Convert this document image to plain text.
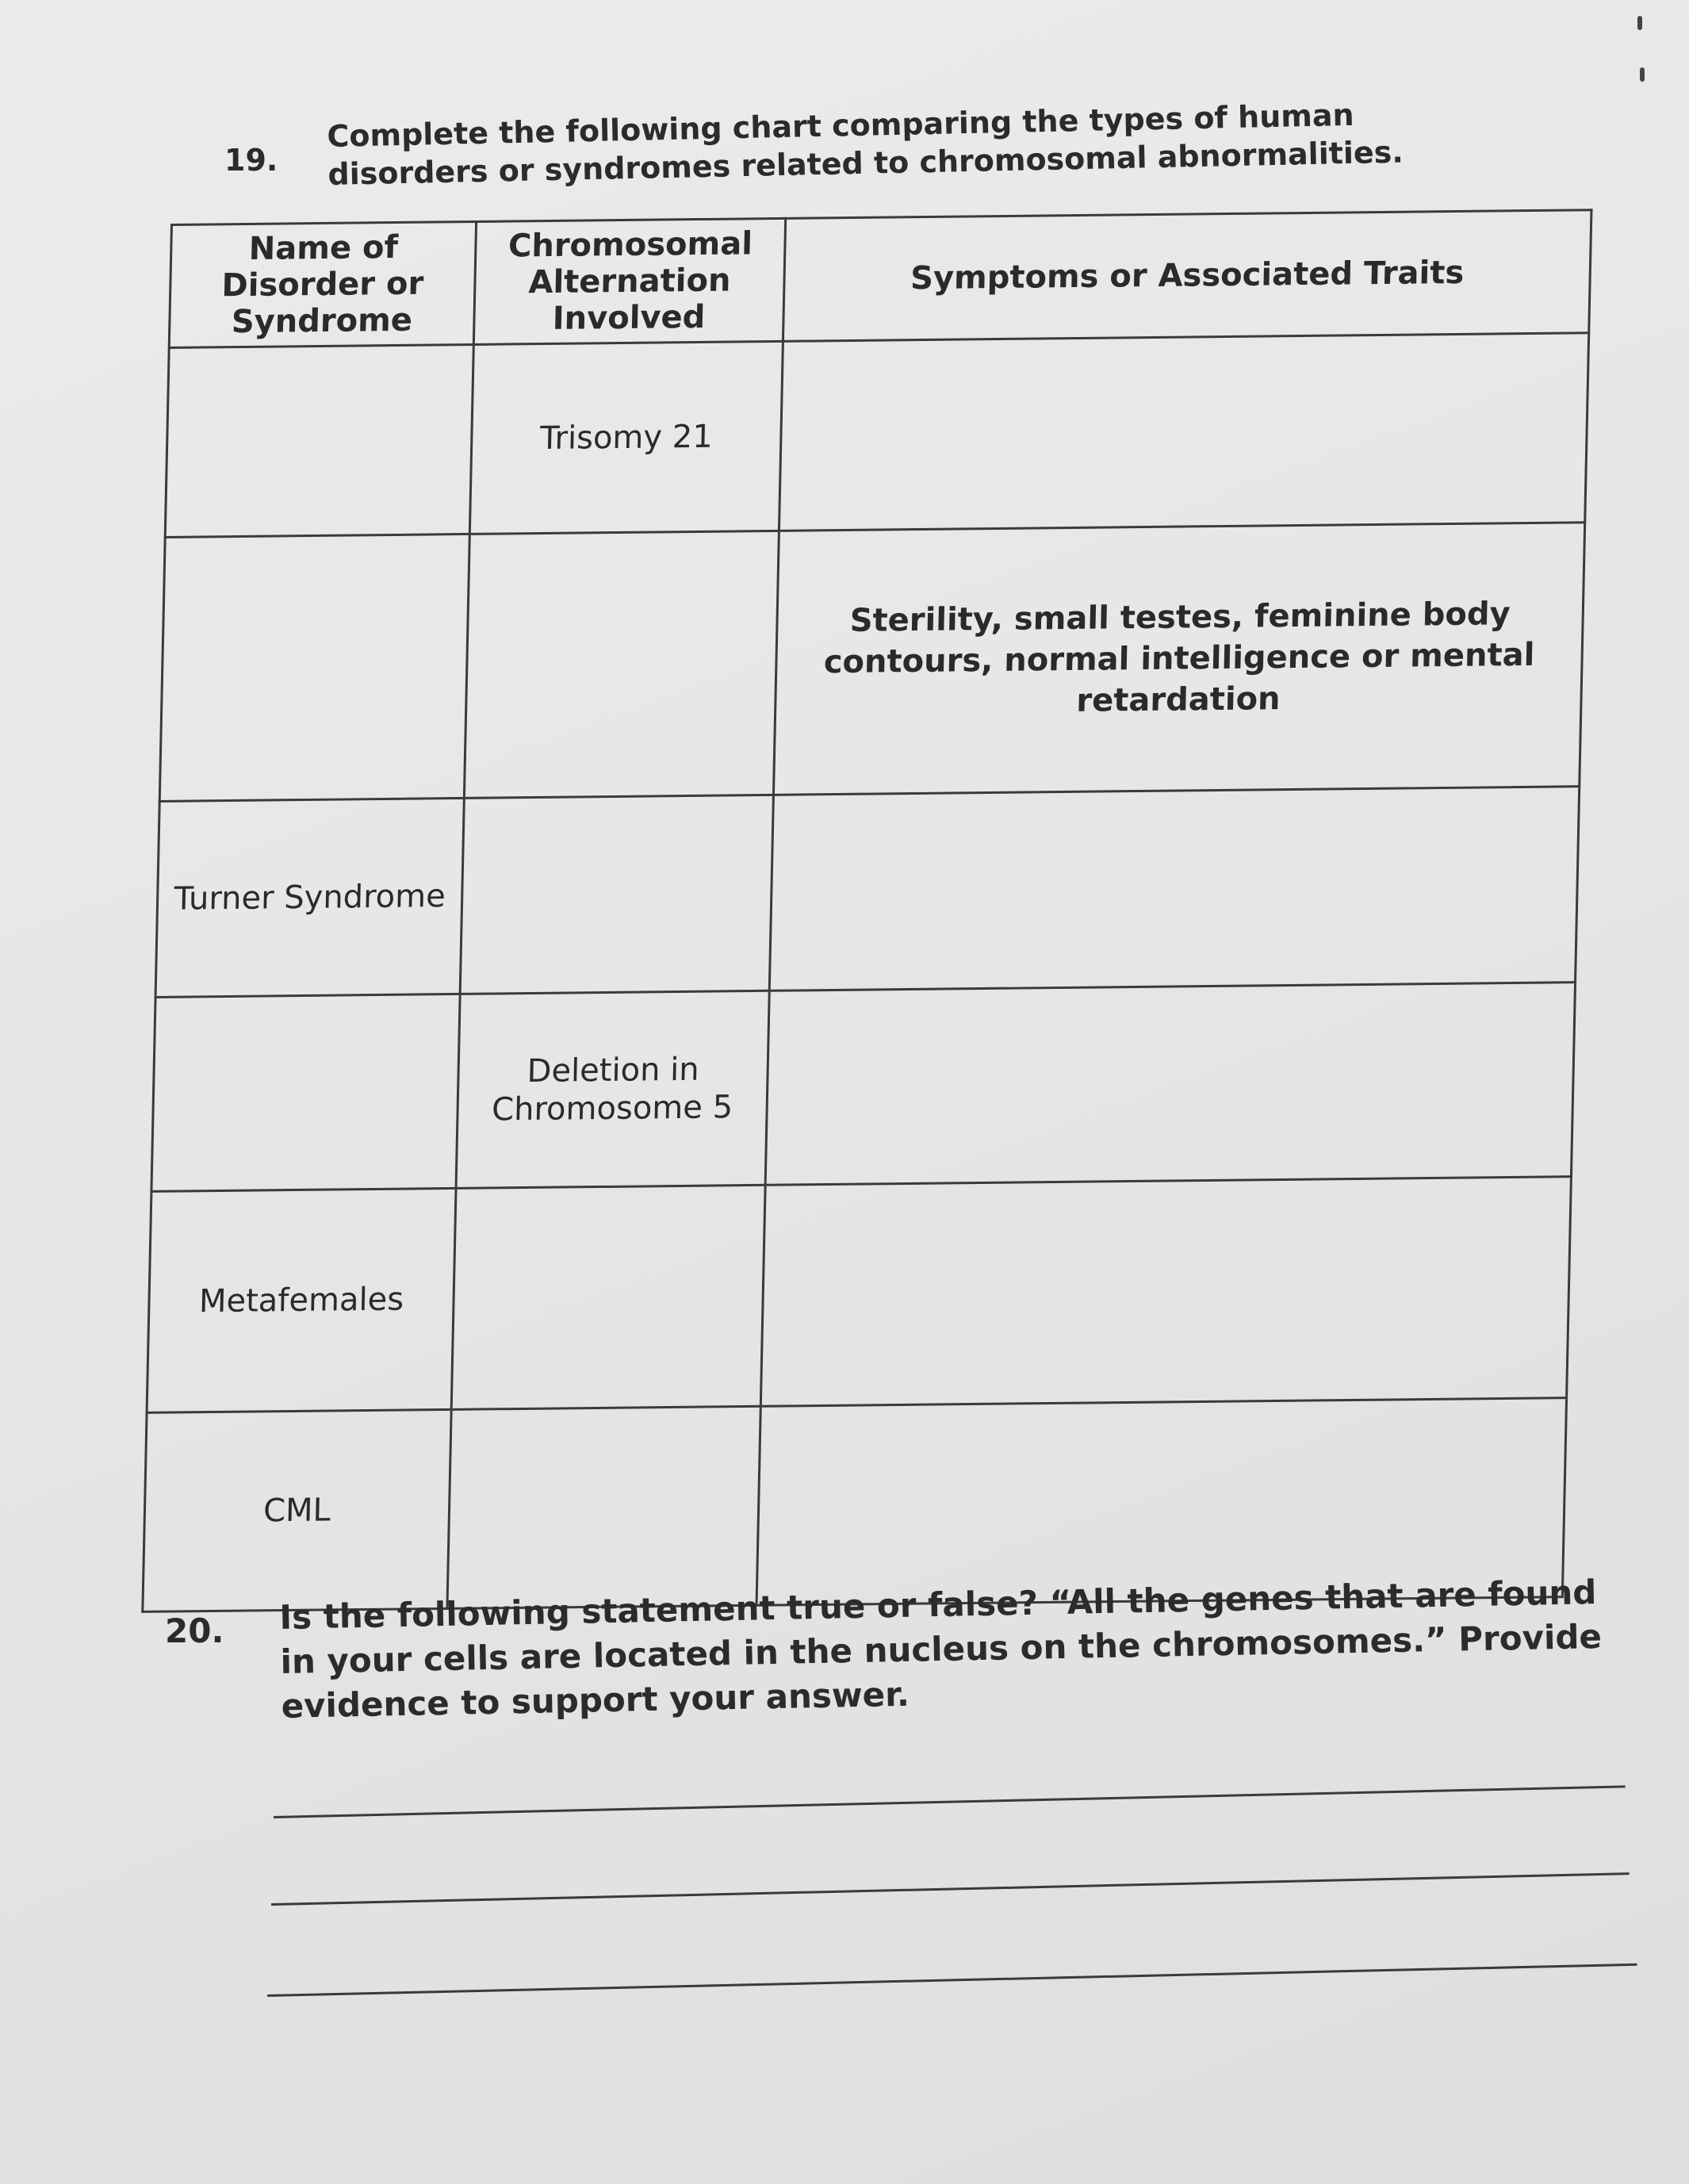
19.
Complete the following chart comparing the types of human disorders or syndromes related to chromosomal abnormalities.
Name of Disorder or Syndrome	Chromosomal Alternation Involved	Symptoms or Associated Traits
	Trisomy 21	
		Sterility, small testes, feminine body contours, normal intelligence or mental retardation
Turner Syndrome		
	Deletion in Chromosome 5	
Metafemales		
CML		
20. Is the following statement true or false? “All the genes that are found in your cells are located in the nucleus on the chromosomes.” Provide evidence to support your answer.
